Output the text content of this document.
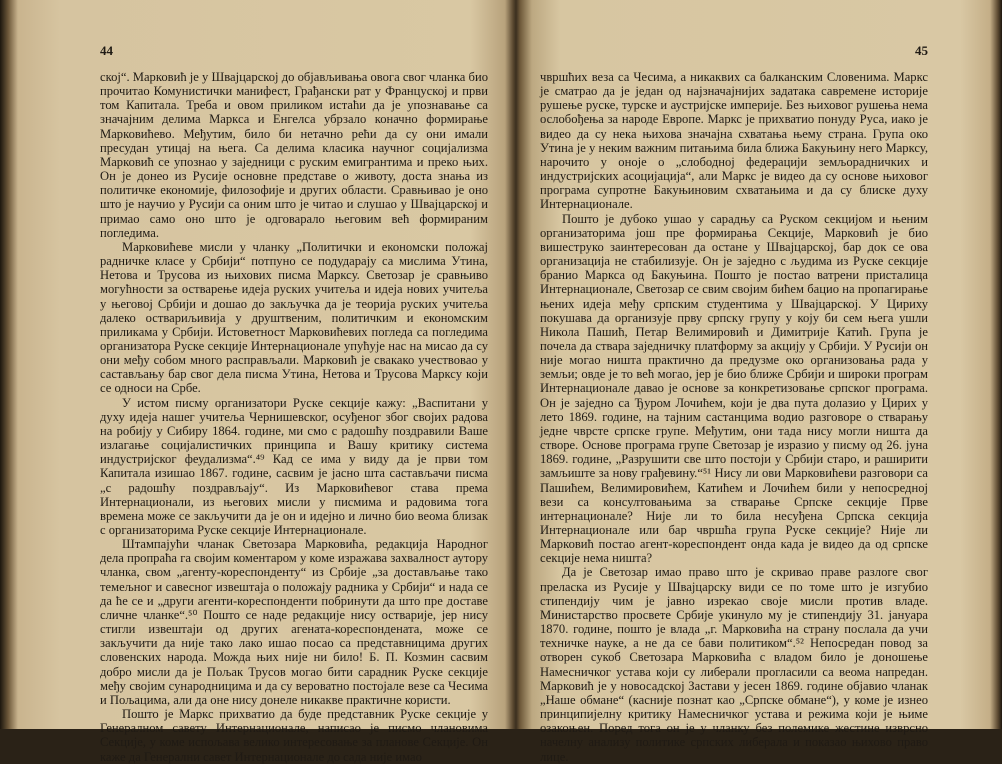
44

ској“. Марковић је у Швајцарској до објављивања овога свог чланка био прочитао Комунистички манифест, Грађански рат у Француској и први том Капитала. Треба и овом приликом истаћи да је упознавање са значајним делима Маркса и Енгелса убрзало коначно формирање Марковићево. Међутим, било би нетачно рећи да су они имали пресудан утицај на њега. Са делима класика научног социјализма Марковић се упознао у заједници с руским емигрантима и преко њих. Он је донео из Русије основне представе о животу, доста знања из политичке економије, филозофије и других области. Сравњивао је оно што је научио у Русији са оним што је читао и слушао у Швајцарској и примао само оно што је одговарало његовим већ формираним погледима.

Марковићеве мисли у чланку „Политички и економски положај радничке класе у Србији“ потпуно се подударају са мислима Утина, Нетова и Трусова из њихових писма Марксу. Светозар је сравњиво могућности за остварење идеја руских учитеља и идеја нових учитеља у његовој Србији и дошао до закључка да је теорија руских учитеља далеко оствариљивија у друштвеним, политичким и економским приликама у Србији. Истоветност Марковићевих погледа са погледима организатора Руске секције Интернационале упућује нас на мисао да су они међу собом много расправљали. Марковић је свакако учествовао у састављању бар свог дела писма Утина, Нетова и Трусова Марксу који се односи на Србе.

У истом писму организатори Руске секције кажу: „Васпитани у духу идеја нашег учитеља Чернишевског, осуђеног због својих радова на робију у Сибиру 1864. године, ми смо с радошћу поздравили Ваше излагање социјалистичких принципа и Вашу критику система индустријског феудализма“.⁴⁹ Кад се има у виду да је први том Капитала изишао 1867. године, сасвим је јасно шта састављачи писма „с радошћу поздрављају“. Из Марковићевог става према Интернационали, из његових мисли у писмима и радовима тога времена може се закључити да је он и идејно и лично био веома близак с организаторима Руске секције Интернационале.

Штампајући чланак Светозара Марковића, редакција Народног дела пропраћа га својим коментаром у коме изражава захвалност аутору чланка, свом „агенту-кореспонденту“ из Србије „за достављање тако темељног и савесног извештаја о положају радника у Србији“ и нада се да ће се и „други агенти-кореспонденти побринути да што пре доставе сличне чланке“.⁵⁰ Пошто се наде редакције нису остварије, јер нису стигли извештаји од других агената-кореспондената, може се закључити да није тако лако ишао посао са представницима других словенских народа. Можда њих није ни било! Б. П. Козмин сасвим добро мисли да је Пољак Трусов могао бити сарадник Руске секције међу својим сународницима и да су вероватно постојале везе са Чесима и Пољацима, али да оне нису донеле никакве практичне користи.

Пошто је Маркс прихватио да буде представник Руске секције у Генералном савету Интернационале, написао је писмо члановима Секције, у коме испољава велико интересовање за планове Секције. Он каже да Генерални савет Интернационале до сада није имао

45

чвршћих веза са Чесима, а никаквих са балканским Словенима. Маркс је сматрао да је један од најзначајнијих задатака савремене историје рушење руске, турске и аустријске империје. Без њиховог рушења нема ослобођења за народе Европе. Маркс је прихватио понуду Руса, иако је видео да су нека њихова значајна схватања њему страна. Група око Утина је у неким важним питањима била ближа Бакуњину него Марксу, нарочито у оноjе о „слободној федерацији земљорадничких и индустријских асоцијација“, али Маркс је видео да су основе њиховог програма супротне Бакуњиновим схватањима и да су блиске духу Интернационале.

Пошто је дубоко ушао у сарадњу са Руском секцијом и њеним организаторима још пре формирања Секције, Марковић је био вишеструко заинтересован да остане у Швајцарској, бар док се ова организација не стабилизује. Он је заједно с људима из Руске секције бранио Маркса од Бакуњина. Пошто је постао ватрени присталица Интернационале, Светозар се свим својим бићем бацио на пропагирање њених идеја међу српским студентима у Швајцарској. У Цириху покушава да организује прву српску групу у коју би сем њега ушли Никола Пашић, Петар Велимировић и Димитрије Катић. Група је почела да ствара заједничку платформу за акцију у Србији. У Русији он није могао ништа практично да предузме око организовања рада у земљи; овде је то већ могао, јер је био ближе Србији и широки програм Интернационале давао је основе за конкретизовање српског програма. Он је заједно са Ђуром Лочићем, који је два пута долазио у Цирих у лето 1869. године, на тајним састанцима водио разговоре о стварању једне чврсте српске групе. Међутим, они тада нису могли ништа да створе. Основе програма групе Светозар је изразио у писму од 26. јуна 1869. године, „Разрушити све што постоји у Србији старо, и раширити замљиште за нову грађевину.“⁵¹ Нису ли ови Марковићеви разговори са Пашићем, Велимировићем, Катићем и Лочићем били у непосредној вези са консултовањима за стварање Српске секције Прве интернационале? Није ли то била несуђена Српска секција Интернационале или бар чвршћа група Руске секције? Није ли Марковић постао агент-кореспондент онда када је видео да од српске секције нема ништа?

Да је Светозар имао право што је скривао праве разлоге свог преласка из Русије у Швајцарску види се по томе што је изгубио стипендију чим је јавно изрекао своје мисли против владе. Министарство просвете Србије укинуло му је стипендију 31. јануара 1870. године, пошто је влада „г. Марковића на страну послала да учи техничке науке, а не да се бави политиком“.⁵² Непосредан повод за отворен сукоб Светозара Марковића с владом било је доношење Намесничког устава који су либерали прогласили са веома напредан. Марковић је у новосадској Застави у јесен 1869. године објавио чланак „Наше обмане“ (касније познат као „Српске обмане“), у коме је изнео принципијелну критику Намесничког устава и режима који је њиме озакоњен. Поред тога он је у чланку без полемике жестине изврсно начелну анализу политике српских либерала и показао њихово право лице.
